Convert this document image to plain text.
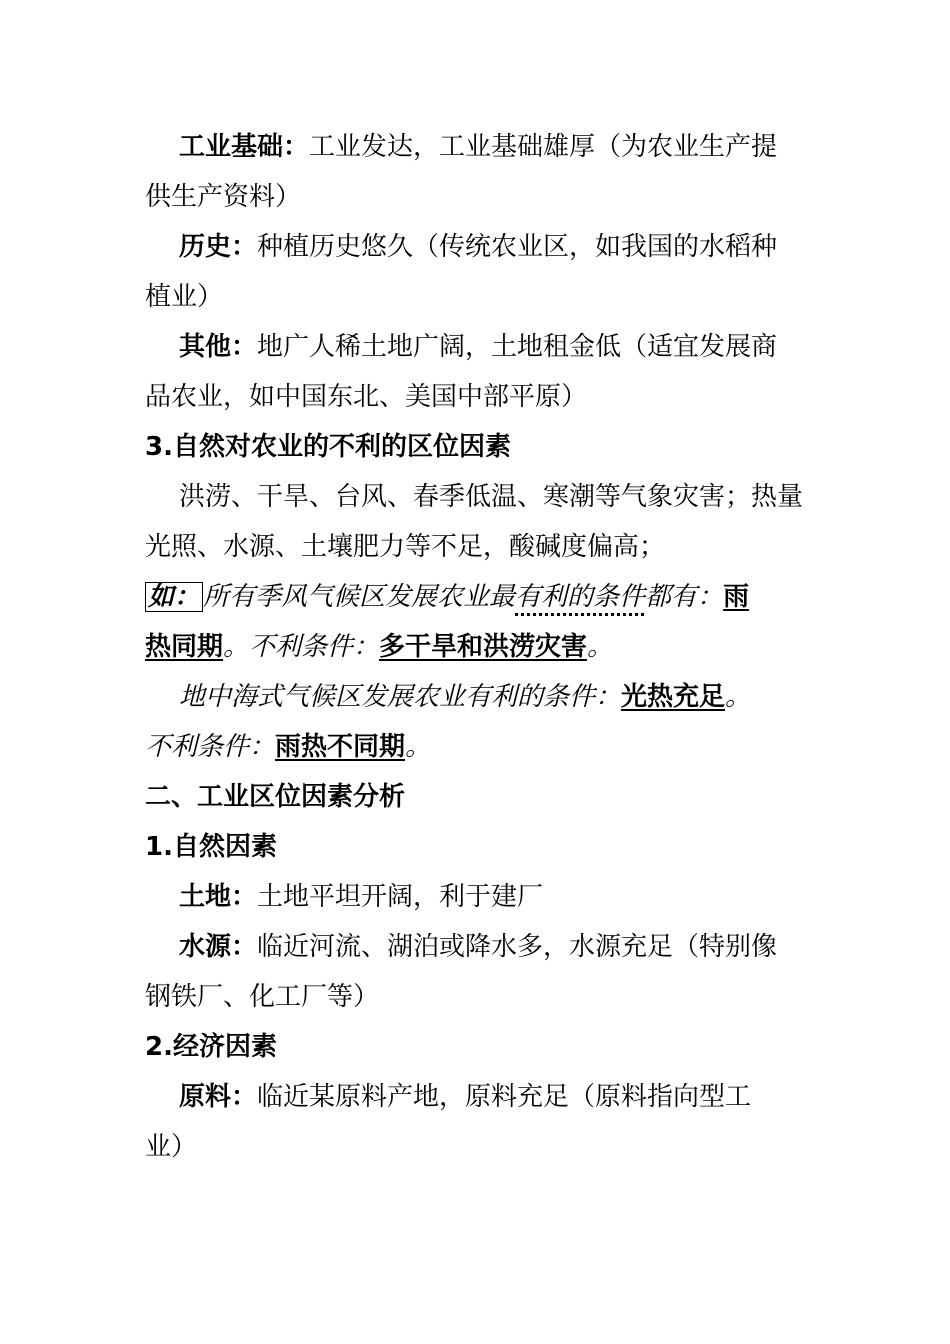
工业基础：工业发达，工业基础雄厚（为农业生产提
供生产资料）
历史：种植历史悠久（传统农业区，如我国的水稻种
植业）
其他：地广人稀土地广阔，土地租金低（适宜发展商
品农业，如中国东北、美国中部平原）
3.自然对农业的不利的区位因素
洪涝、干旱、台风、春季低温、寒潮等气象灾害；热量
光照、水源、土壤肥力等不足，酸碱度偏高；
如： 所有季风气候区发展农业最有利的条件都有：雨
热同期。不利条件：多干旱和洪涝灾害。
地中海式气候区发展农业有利的条件：光热充足。
不利条件：雨热不同期。
二、工业区位因素分析
1.自然因素
土地：土地平坦开阔，利于建厂
水源：临近河流、湖泊或降水多，水源充足（特别像
钢铁厂、化工厂等）
2.经济因素
原料：临近某原料产地，原料充足（原料指向型工
业）
